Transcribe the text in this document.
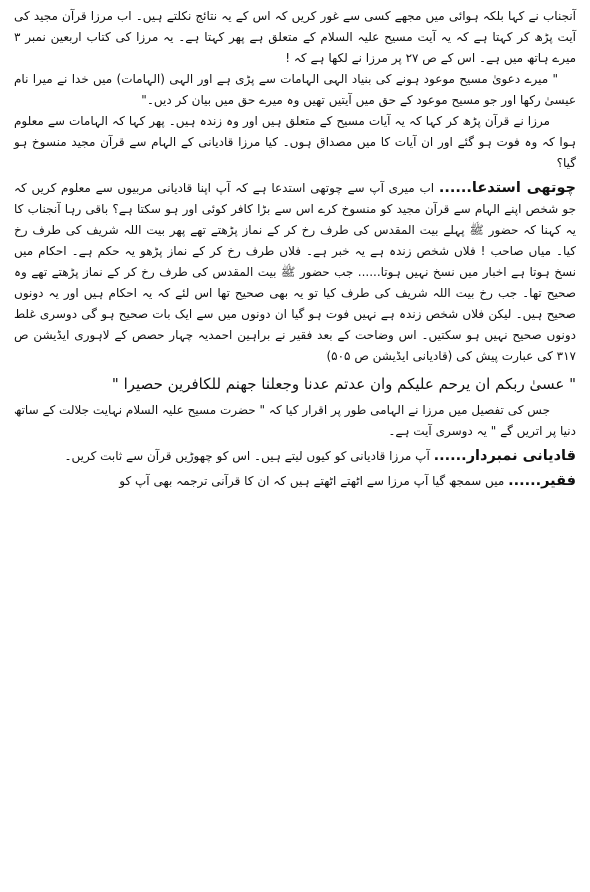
آنجناب نے کہا بلکہ ہوائی میں مجھے کسی سے غور کریں کہ اس کے یہ نتائج نکلتے ہیں۔ اب مرزا قرآن مجید کی آیت پڑھ کر کہتا ہے کہ یہ آیت مسیح علیہ السلام کے متعلق ہے پھر کہتا ہے۔ یہ مرزا کی کتاب اربعین نمبر ۳ میرے ہاتھ میں ہے۔ اس کے ص ۲۷ پر مرزا نے لکھا ہے کہ !

" میرے دعویٰ مسیح موعود ہونے کی بنیاد الہی الہامات سے پڑی ہے اور الہی (الہامات) میں خدا نے میرا نام عیسیٰ رکھا اور جو مسیح موعود کے حق میں آیتیں تھیں وہ میرے حق میں بیان کر دیں۔"

مرزا نے قرآن پڑھ کر کہا کہ یہ آیات مسیح کے متعلق ہیں اور وہ زندہ ہیں۔ پھر کہا کہ الہامات سے معلوم ہوا کہ وہ فوت ہو گئے اور ان آیات کا میں مصداق ہوں۔ کیا مرزا قادیانی کے الہام سے قرآن مجید منسوخ ہو گیا؟

چوتھی استدعا...... اب میری آپ سے چوتھی استدعا ہے کہ آپ اپنا قادیانی مربیوں سے معلوم کریں کہ جو شخص اپنے الہام سے قرآن مجید کو منسوخ کرے اس سے بڑا کافر کوئی اور ہو سکتا ہے؟ باقی رہا آنجناب کا یہ کہنا کہ حضور ﷺ پہلے بیت المقدس کی طرف رخ کر کے نماز پڑھتے تھے پھر بیت اللہ شریف کی طرف رخ کیا۔ میاں صاحب ! فلاں شخص زندہ ہے یہ خبر ہے۔ فلاں طرف رخ کر کے نماز پڑھو یہ حکم ہے۔ احکام میں نسخ ہوتا ہے اخبار میں نسخ نہیں ہوتا...... جب حضور ﷺ بیت المقدس کی طرف رخ کر کے نماز پڑھتے تھے وہ صحیح تھا۔ جب رخ بیت اللہ شریف کی طرف کیا تو یہ بھی صحیح تھا اس لئے کہ یہ احکام ہیں اور یہ دونوں صحیح ہیں۔ لیکن فلاں شخص زندہ ہے نہیں فوت ہو گیا ان دونوں میں سے ایک بات صحیح ہو گی دوسری غلط دونوں صحیح نہیں ہو سکتیں۔ اس وضاحت کے بعد فقیر نے براہین احمدیہ چہار حصص کے لاہوری ایڈیشن ص ۳۱۷ کی عبارت پیش کی (قادیانی ایڈیشن ص ۵۰۵)

" عسیٰ ربکم ان یرحم علیکم وان عدتم عدنا وجعلنا جھنم للکافرین حصیرا "

جس کی تفصیل میں مرزا نے الہامی طور پر اقرار کیا کہ " حضرت مسیح علیہ السلام نہایت جلالت کے ساتھ دنیا پر اتریں گے " یہ دوسری آیت ہے۔

قادیانی نمبردار...... آپ مرزا قادیانی کو کیوں لیتے ہیں۔ اس کو چھوڑیں قرآن سے ثابت کریں۔

فقیر...... میں سمجھ گیا آپ مرزا سے اٹھتے اٹھتے ہیں کہ ان کا قرآنی ترجمہ بھی آپ کو
